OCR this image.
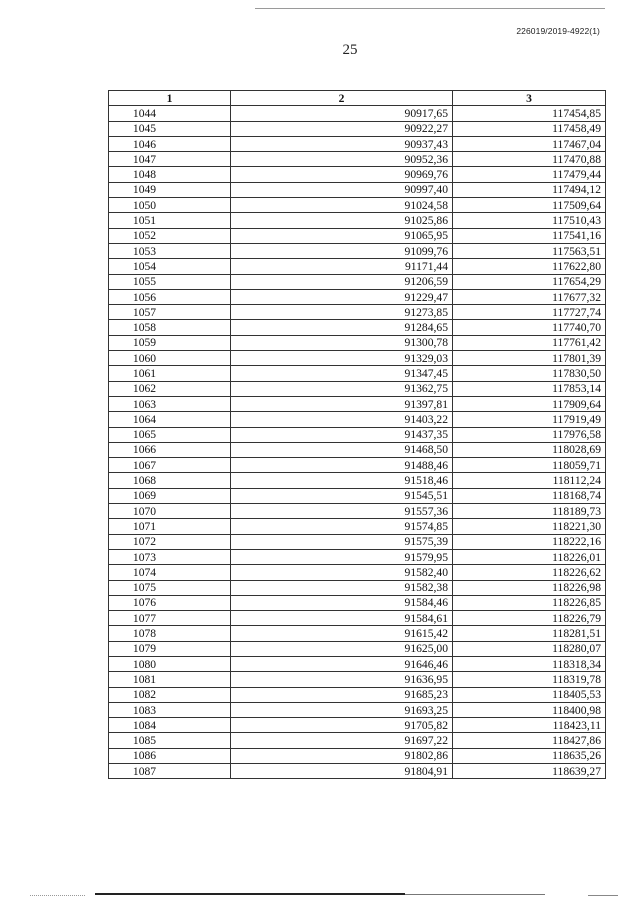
226019/2019-4922(1)
25
1	2	3
1044	90917,65	117454,85
1045	90922,27	117458,49
1046	90937,43	117467,04
1047	90952,36	117470,88
1048	90969,76	117479,44
1049	90997,40	117494,12
1050	91024,58	117509,64
1051	91025,86	117510,43
1052	91065,95	117541,16
1053	91099,76	117563,51
1054	91171,44	117622,80
1055	91206,59	117654,29
1056	91229,47	117677,32
1057	91273,85	117727,74
1058	91284,65	117740,70
1059	91300,78	117761,42
1060	91329,03	117801,39
1061	91347,45	117830,50
1062	91362,75	117853,14
1063	91397,81	117909,64
1064	91403,22	117919,49
1065	91437,35	117976,58
1066	91468,50	118028,69
1067	91488,46	118059,71
1068	91518,46	118112,24
1069	91545,51	118168,74
1070	91557,36	118189,73
1071	91574,85	118221,30
1072	91575,39	118222,16
1073	91579,95	118226,01
1074	91582,40	118226,62
1075	91582,38	118226,98
1076	91584,46	118226,85
1077	91584,61	118226,79
1078	91615,42	118281,51
1079	91625,00	118280,07
1080	91646,46	118318,34
1081	91636,95	118319,78
1082	91685,23	118405,53
1083	91693,25	118400,98
1084	91705,82	118423,11
1085	91697,22	118427,86
1086	91802,86	118635,26
1087	91804,91	118639,27
